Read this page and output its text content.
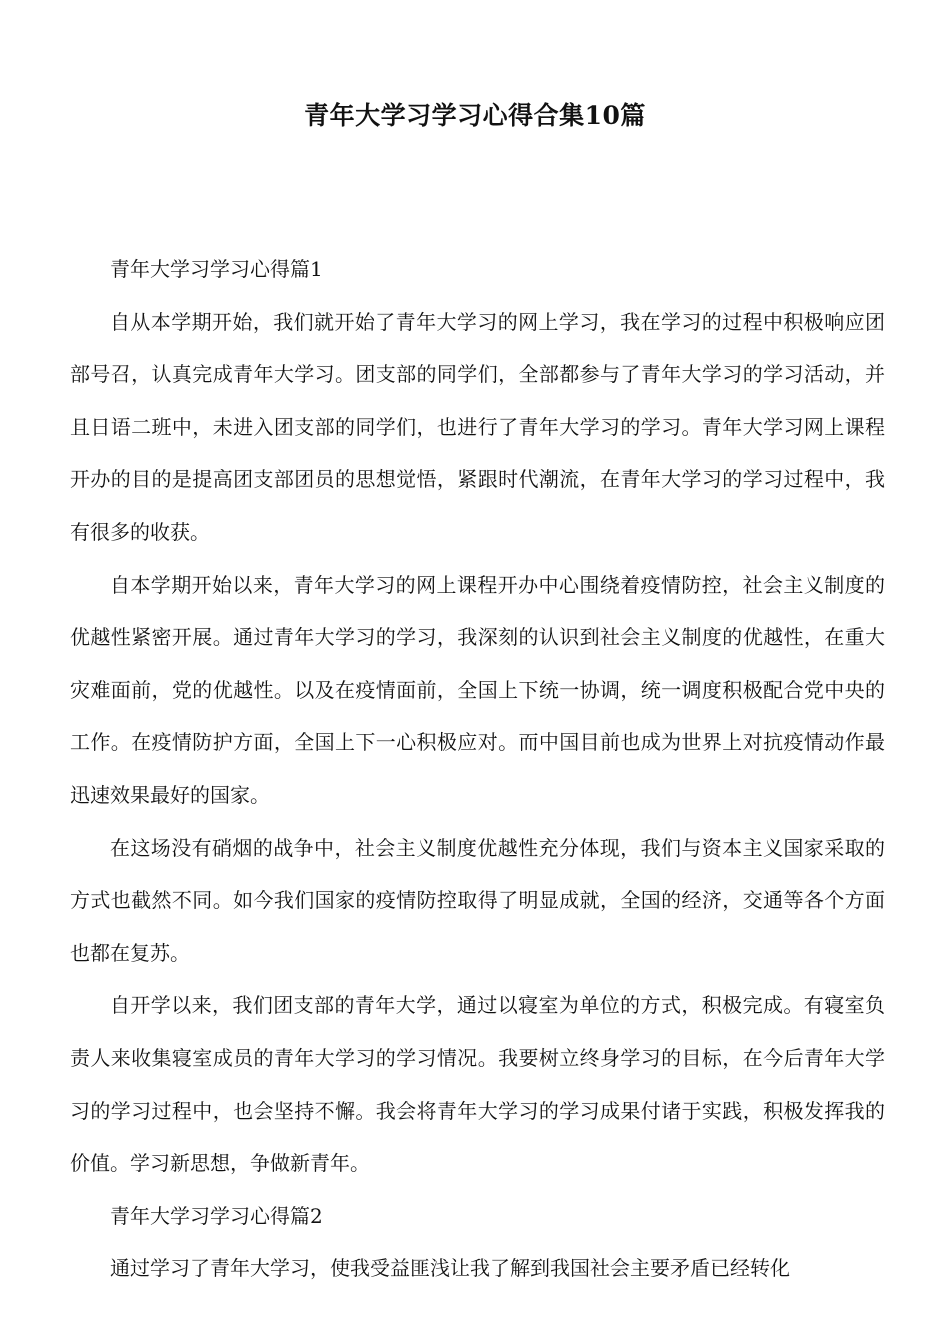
青年大学习学习心得合集10篇
青年大学习学习心得篇1

自从本学期开始，我们就开始了青年大学习的网上学习，我在学习的过程中积极响应团部号召，认真完成青年大学习。团支部的同学们，全部都参与了青年大学习的学习活动，并且日语二班中，未进入团支部的同学们，也进行了青年大学习的学习。青年大学习网上课程开办的目的是提高团支部团员的思想觉悟，紧跟时代潮流，在青年大学习的学习过程中，我有很多的收获。

自本学期开始以来，青年大学习的网上课程开办中心围绕着疫情防控，社会主义制度的优越性紧密开展。通过青年大学习的学习，我深刻的认识到社会主义制度的优越性，在重大灾难面前，党的优越性。以及在疫情面前，全国上下统一协调，统一调度积极配合党中央的工作。在疫情防护方面，全国上下一心积极应对。而中国目前也成为世界上对抗疫情动作最迅速效果最好的国家。

在这场没有硝烟的战争中，社会主义制度优越性充分体现，我们与资本主义国家采取的方式也截然不同。如今我们国家的疫情防控取得了明显成就，全国的经济，交通等各个方面也都在复苏。

自开学以来，我们团支部的青年大学，通过以寝室为单位的方式，积极完成。有寝室负责人来收集寝室成员的青年大学习的学习情况。我要树立终身学习的目标，在今后青年大学习的学习过程中，也会坚持不懈。我会将青年大学习的学习成果付诸于实践，积极发挥我的价值。学习新思想，争做新青年。

青年大学习学习心得篇2

通过学习了青年大学习，使我受益匪浅让我了解到我国社会主要矛盾已经转化
